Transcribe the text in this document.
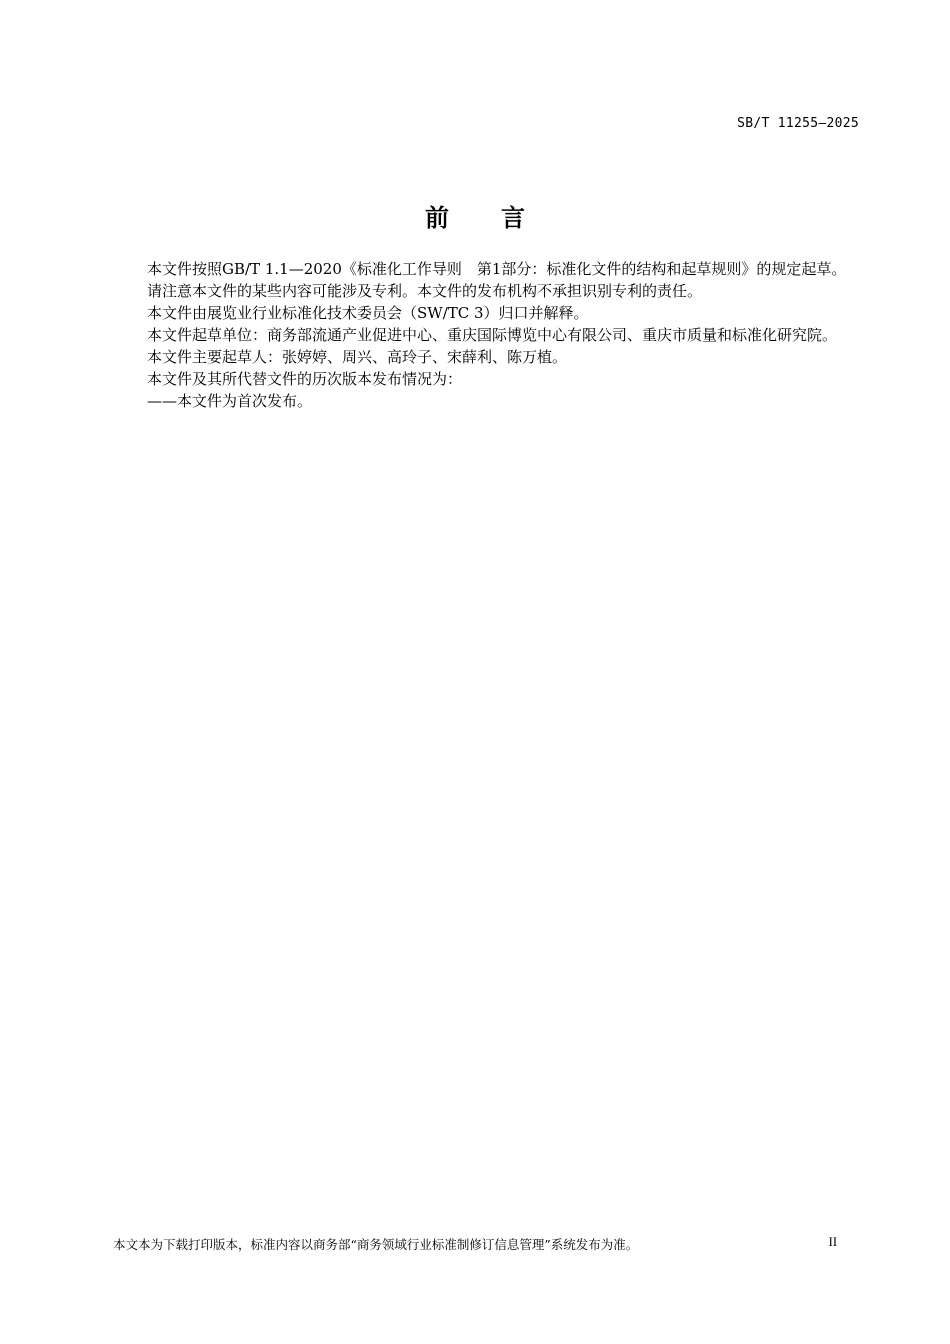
SB/T 11255—2025
前 言

本文件按照GB/T 1.1—2020《标准化工作导则　第1部分：标准化文件的结构和起草规则》的规定起草。

请注意本文件的某些内容可能涉及专利。本文件的发布机构不承担识别专利的责任。

本文件由展览业行业标准化技术委员会（SW/TC 3）归口并解释。

本文件起草单位：商务部流通产业促进中心、重庆国际博览中心有限公司、重庆市质量和标准化研究院。

本文件主要起草人：张婷婷、周兴、高玲子、宋薛利、陈万植。

本文件及其所代替文件的历次版本发布情况为：

——本文件为首次发布。

本文本为下载打印版本，标准内容以商务部“商务领域行业标准制修订信息管理”系统发布为准。	II
